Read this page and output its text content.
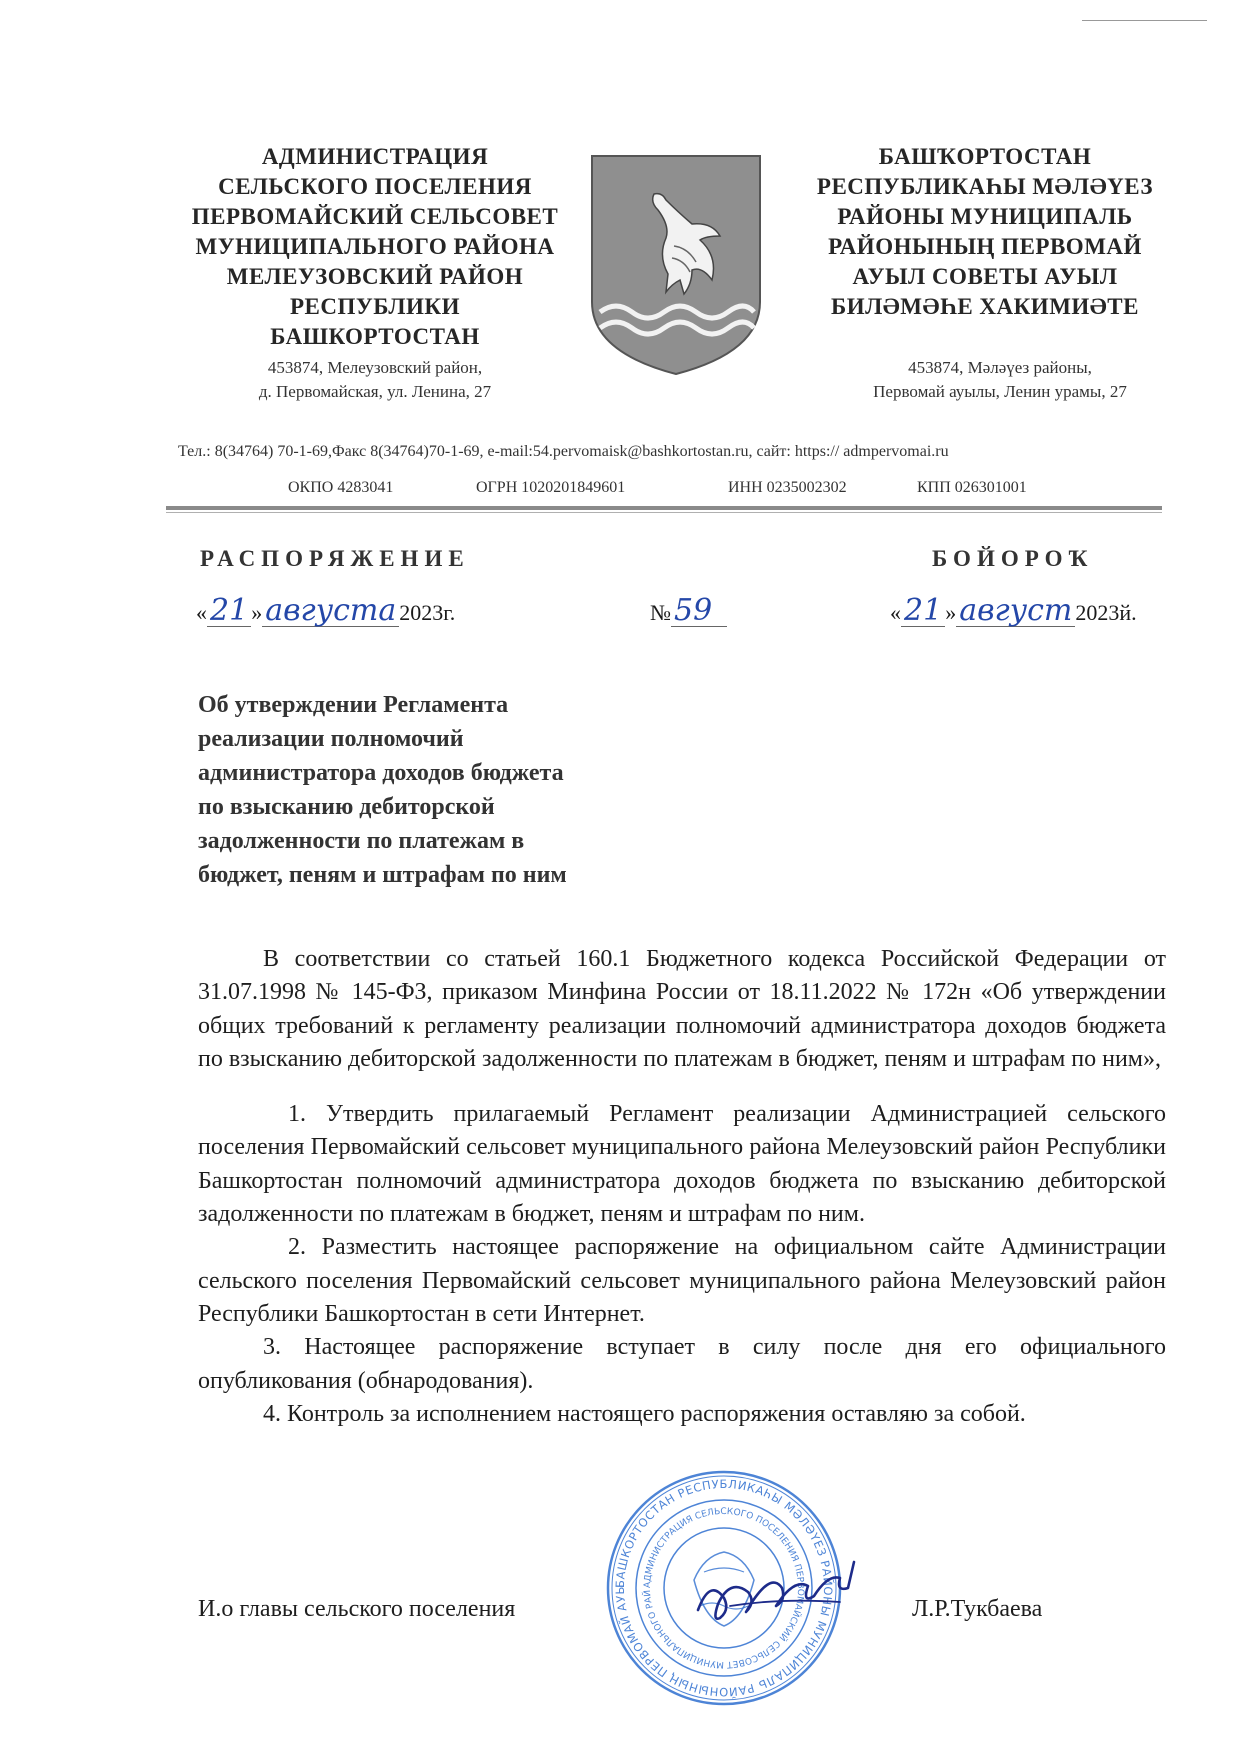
АДМИНИСТРАЦИЯ
СЕЛЬСКОГО ПОСЕЛЕНИЯ
ПЕРВОМАЙСКИЙ СЕЛЬСОВЕТ
МУНИЦИПАЛЬНОГО РАЙОНА
МЕЛЕУЗОВСКИЙ РАЙОН
РЕСПУБЛИКИ
БАШКОРТОСТАН
453874, Мелеузовский район,
д. Первомайская, ул. Ленина, 27
БАШҠОРТОСТАН
РЕСПУБЛИКАҺЫ МӘЛӘҮЕЗ
РАЙОНЫ МУНИЦИПАЛЬ
РАЙОНЫНЫҢ ПЕРВОМАЙ
АУЫЛ СОВЕТЫ АУЫЛ
БИЛӘМӘҺЕ ХАКИМИӘТЕ
453874, Мәләүез районы,
Первомай ауылы, Ленин урамы, 27
Тел.: 8(34764) 70-1-69,Факс 8(34764)70-1-69, e-mail:54.pervomaisk@bashkortostan.ru, сайт: https:// admpervomai.ru
ОКПО 4283041	ОГРН 1020201849601	ИНН 0235002302	КПП 026301001
РАСПОРЯЖЕНИЕ	БОЙОРОҠ
« 21 » августа 2023г.	№ 59	« 21 » август 2023й.
Об утверждении Регламента
реализации полномочий
администратора доходов бюджета
по взысканию дебиторской
задолженности по платежам в
бюджет, пеням и штрафам по ним
В соответствии со статьей 160.1 Бюджетного кодекса Российской Федерации от 31.07.1998 № 145-ФЗ, приказом Минфина России от 18.11.2022 № 172н «Об утверждении общих требований к регламенту реализации полномочий администратора доходов бюджета по взысканию дебиторской задолженности по платежам в бюджет, пеням и штрафам по ним»,
1. Утвердить прилагаемый Регламент реализации Администрацией сельского поселения Первомайский сельсовет муниципального района Мелеузовский район Республики Башкортостан полномочий администратора доходов бюджета по взысканию дебиторской задолженности по платежам в бюджет, пеням и штрафам по ним.
2. Разместить настоящее распоряжение на официальном сайте Администрации сельского поселения Первомайский сельсовет муниципального района Мелеузовский район Республики Башкортостан в сети Интернет.
3. Настоящее распоряжение вступает в силу после дня его официального опубликования (обнародования).
4. Контроль за исполнением настоящего распоряжения оставляю за собой.
БАШКОРТОСТАН РЕСПУБЛИКАҺЫ МӘЛӘҮЕЗ РАЙОНЫ МУНИЦИПАЛЬ РАЙОНЫНЫҢ ПЕРВОМАЙ АУЫ	АДМИНИСТРАЦИЯ СЕЛЬСКОГО ПОСЕЛЕНИЯ ПЕРВОМАЙСКИЙ СЕЛЬСОВЕТ МУНИЦИПАЛЬНОГО РАЙ
И.о главы сельского поселения	Л.Р.Тукбаева
